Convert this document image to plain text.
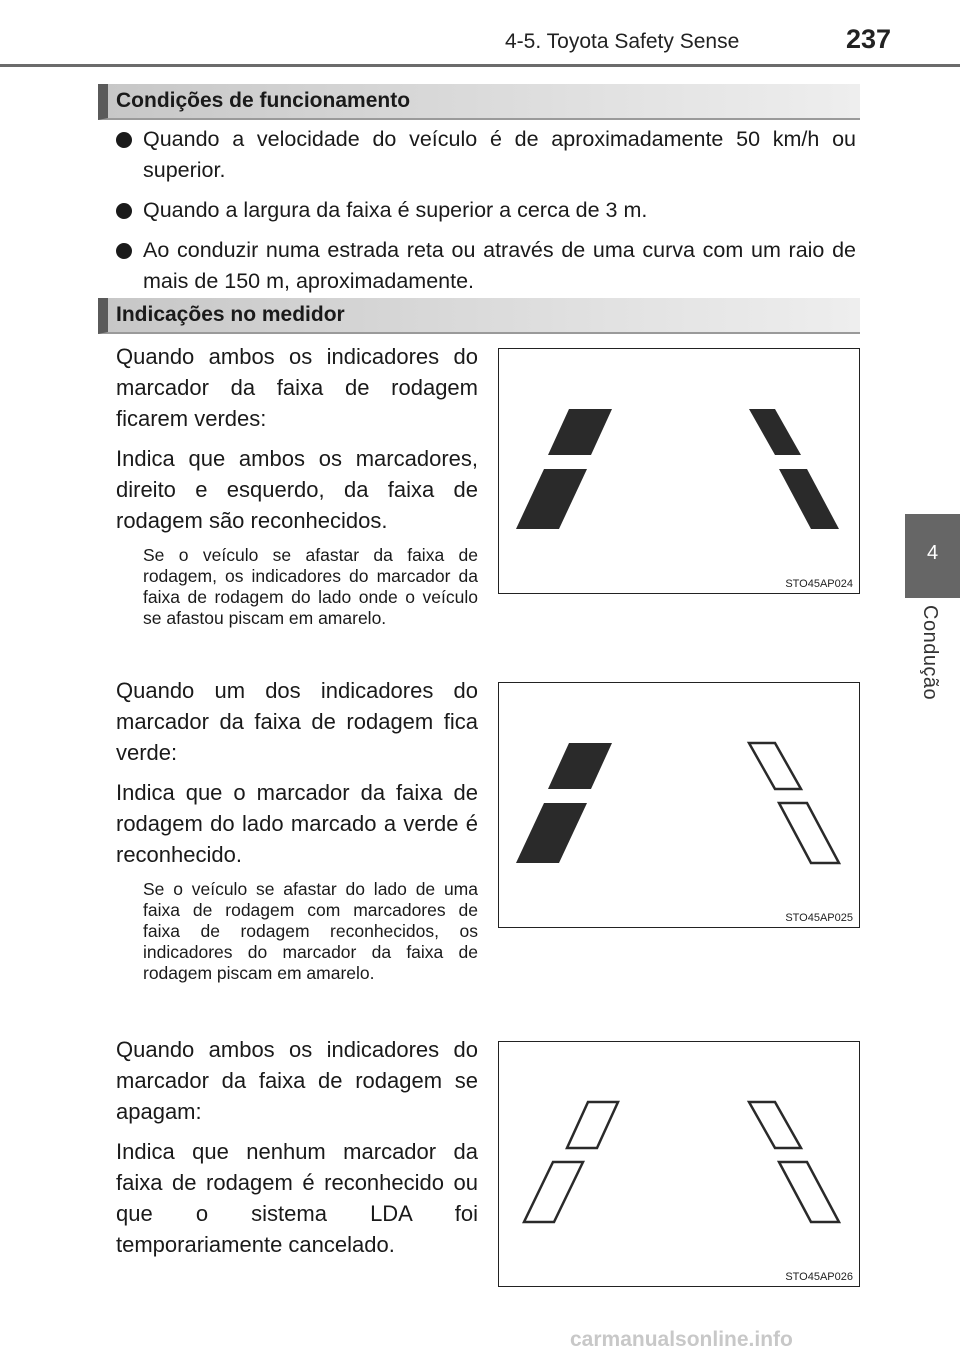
4-5. Toyota Safety Sense	237
4
Condução
Condições de funcionamento
Quando a velocidade do veículo é de aproximadamente 50 km/h ou superior.
Quando a largura da faixa é superior a cerca de 3 m.
Ao conduzir numa estrada reta ou através de uma curva com um raio de mais de 150 m, aproximadamente.
Indicações no medidor

Quando ambos os indicadores do marcador da faixa de rodagem ficarem verdes:

Indica que ambos os marcadores, direito e esquerdo, da faixa de rodagem são reconhecidos.

Se o veículo se afastar da faixa de rodagem, os indicadores do marcador da faixa de rodagem do lado onde o veículo se afastou piscam em amarelo.

STO45AP024

Quando um dos indicadores do marcador da faixa de rodagem fica verde:

Indica que o marcador da faixa de rodagem do lado marcado a verde é reconhecido.

Se o veículo se afastar do lado de uma faixa de rodagem com marcadores de faixa de rodagem reconhecidos, os indicadores do marcador da faixa de rodagem piscam em amarelo.

STO45AP025

Quando ambos os indicadores do marcador da faixa de rodagem se apagam:

Indica que nenhum marcador da faixa de rodagem é reconhecido ou que o sistema LDA foi temporariamente cancelado.

STO45AP026
carmanualsonline.info
